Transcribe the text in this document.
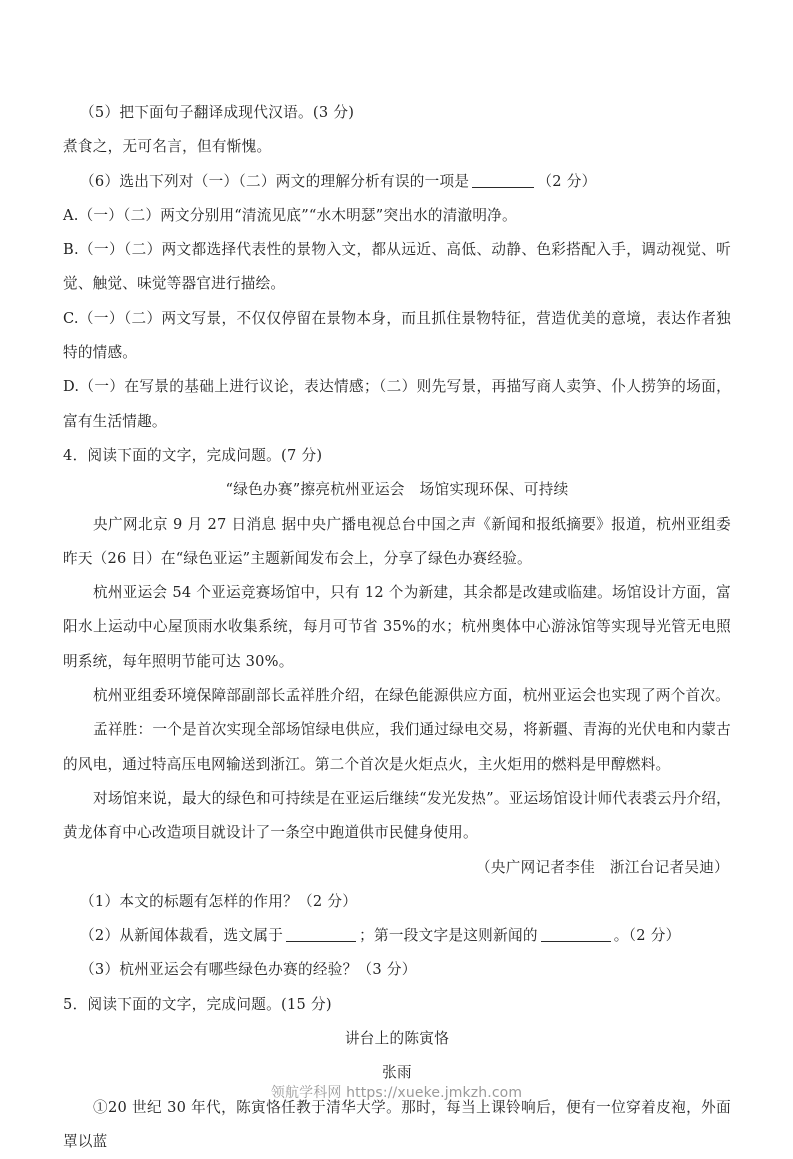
（5）把下面句子翻译成现代汉语。(3 分)
煮食之，无可名言，但有惭愧。
（6）选出下列对（一）（二）两文的理解分析有误的一项是	（2 分）
A.（一）（二）两文分别用“清流见底”“水木明瑟”突出水的清澈明净。
B.（一）（二）两文都选择代表性的景物入文，都从远近、高低、动静、色彩搭配入手，调动视觉、听觉、触觉、味觉等器官进行描绘。
C.（一）（二）两文写景，不仅仅停留在景物本身，而且抓住景物特征，营造优美的意境，表达作者独特的情感。
D.（一）在写景的基础上进行议论，表达情感；（二）则先写景，再描写商人卖笋、仆人捞笋的场面，富有生活情趣。
4．阅读下面的文字，完成问题。(7 分)
“绿色办赛”擦亮杭州亚运会　场馆实现环保、可持续
央广网北京 9 月 27 日消息 据中央广播电视总台中国之声《新闻和报纸摘要》报道，杭州亚组委昨天（26 日）在“绿色亚运”主题新闻发布会上，分享了绿色办赛经验。
杭州亚运会 54 个亚运竞赛场馆中，只有 12 个为新建，其余都是改建或临建。场馆设计方面，富阳水上运动中心屋顶雨水收集系统，每月可节省 35%的水；杭州奥体中心游泳馆等实现导光管无电照明系统，每年照明节能可达 30%。
杭州亚组委环境保障部副部长孟祥胜介绍，在绿色能源供应方面，杭州亚运会也实现了两个首次。
孟祥胜：一个是首次实现全部场馆绿电供应，我们通过绿电交易，将新疆、青海的光伏电和内蒙古的风电，通过特高压电网输送到浙江。第二个首次是火炬点火，主火炬用的燃料是甲醇燃料。
对场馆来说，最大的绿色和可持续是在亚运后继续“发光发热”。亚运场馆设计师代表裘云丹介绍，黄龙体育中心改造项目就设计了一条空中跑道供市民健身使用。
（央广网记者李佳　浙江台记者吴迪）
（1）本文的标题有怎样的作用？（2 分）
（2）从新闻体裁看，选文属于	；第一段文字是这则新闻的	。（2 分）
（3）杭州亚运会有哪些绿色办赛的经验？（3 分）
5．阅读下面的文字，完成问题。(15 分)
讲台上的陈寅恪
张雨
①20 世纪 30 年代，陈寅恪任教于清华大学。那时，每当上课铃响后，便有一位穿着皮袍，外面罩以蓝
领航学科网 https://xueke.jmkzh.com
